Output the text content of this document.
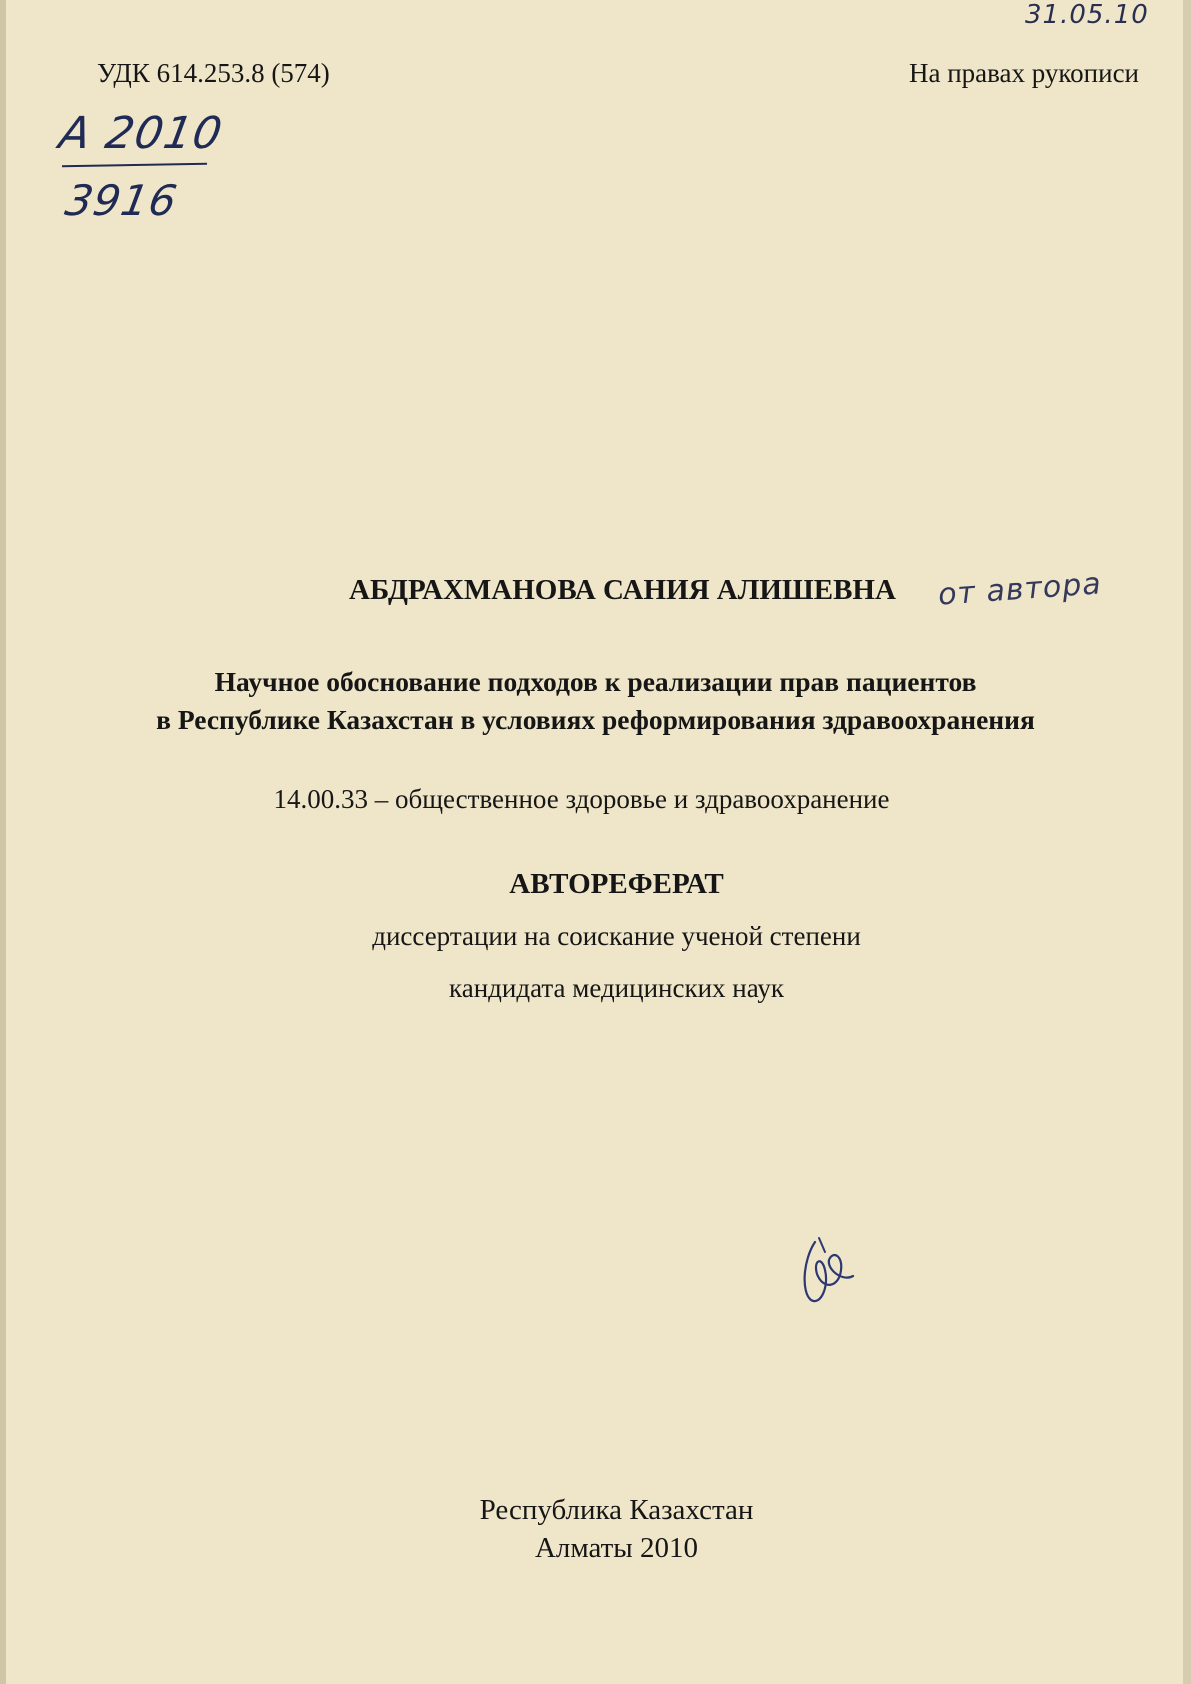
31.05.10
УДК 614.253.8 (574)	На правах рукописи
A 2010
3916
АБДРАХМАНОВА САНИЯ АЛИШЕВНА	от автора
Научное обоснование подходов к реализации прав пациентов
в Республике Казахстан в условиях реформирования здравоохранения
14.00.33 – общественное здоровье и здравоохранение
АВТОРЕФЕРАТ
диссертации на соискание ученой степени
кандидата медицинских наук
Республика Казахстан
Алматы 2010
